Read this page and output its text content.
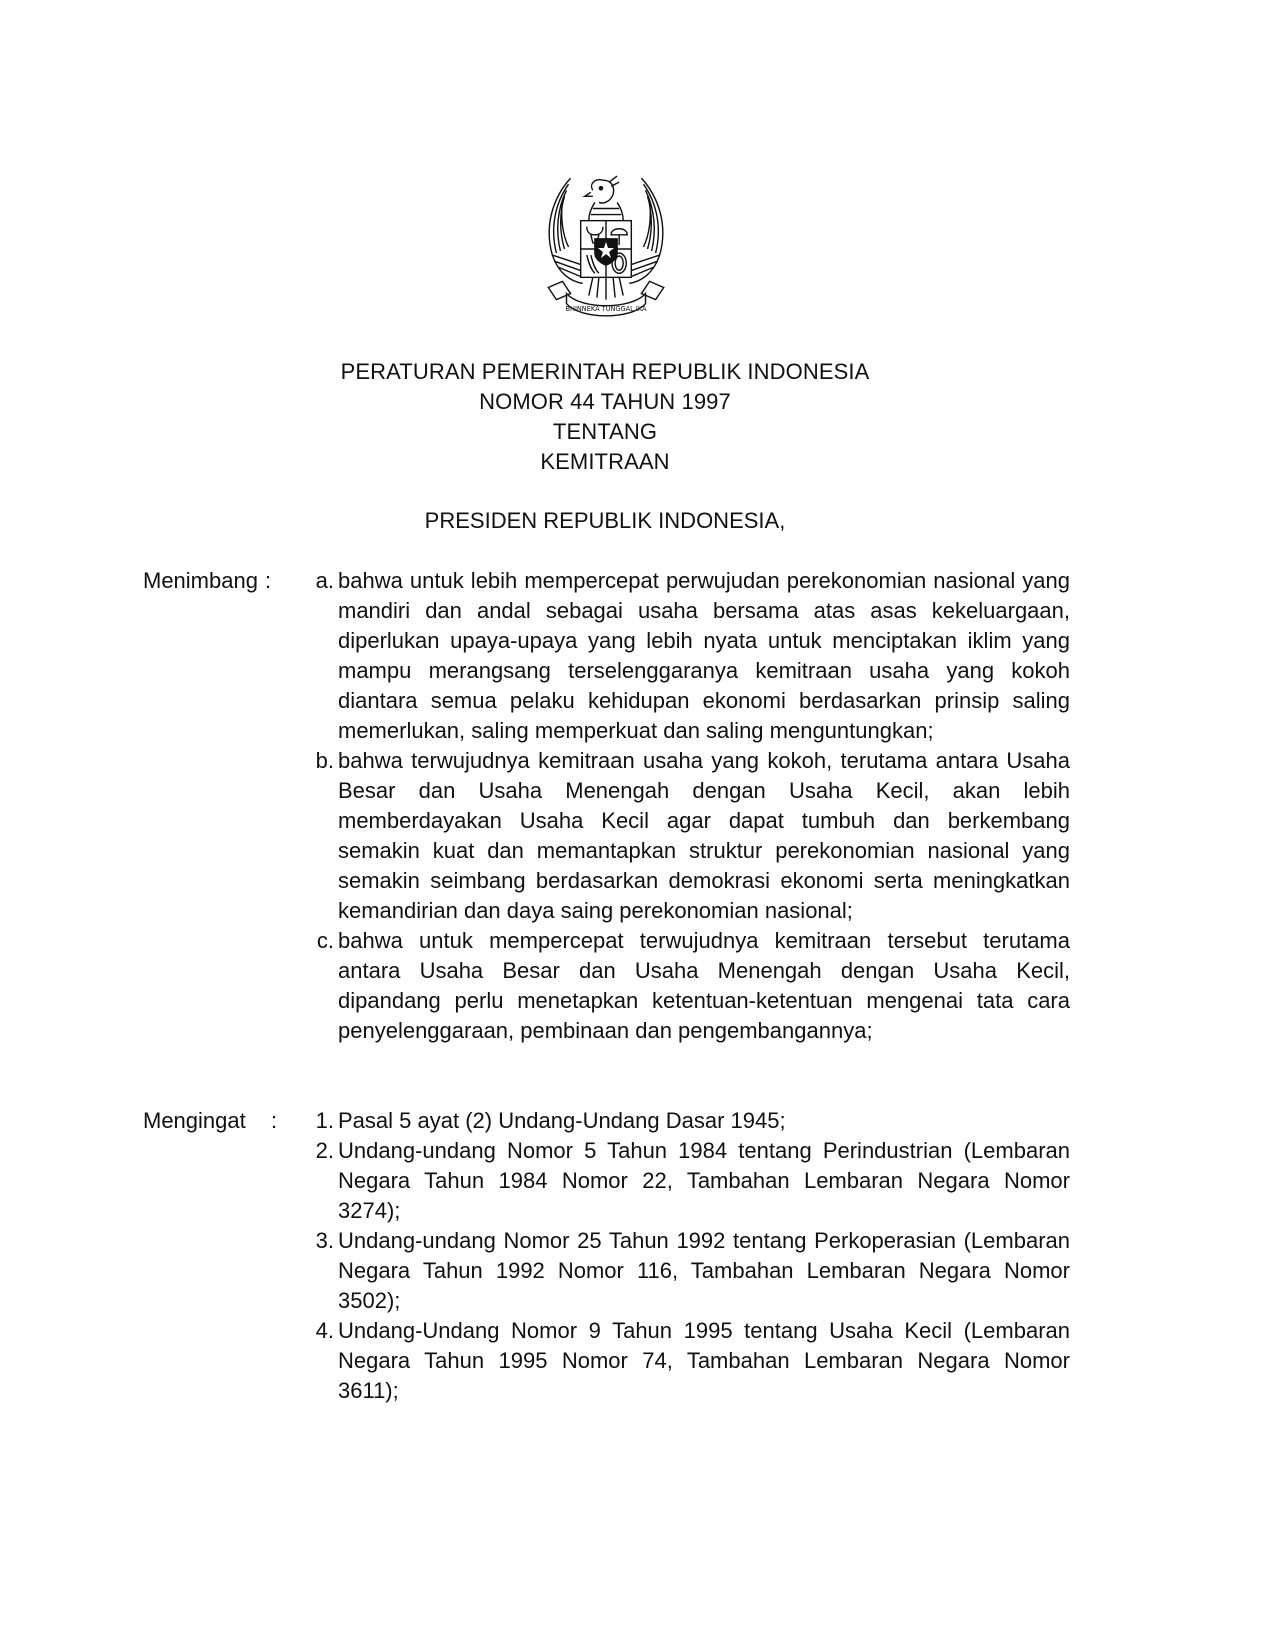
BHINNEKA TUNGGAL IKA
PERATURAN PEMERINTAH REPUBLIK INDONESIA
NOMOR 44 TAHUN 1997
TENTANG
KEMITRAAN
PRESIDEN REPUBLIK INDONESIA,
Menimbang :	a. bahwa untuk lebih mempercepat perwujudan perekonomian nasional yang mandiri dan andal sebagai usaha bersama atas asas kekeluargaan, diperlukan upaya-upaya yang lebih nyata untuk menciptakan iklim yang mampu merangsang terselenggaranya kemitraan usaha yang kokoh diantara semua pelaku kehidupan ekonomi berdasarkan prinsip saling memerlukan, saling memperkuat dan saling menguntungkan;
b. bahwa terwujudnya kemitraan usaha yang kokoh, terutama antara Usaha Besar dan Usaha Menengah dengan Usaha Kecil, akan lebih memberdayakan Usaha Kecil agar dapat tumbuh dan berkembang semakin kuat dan memantapkan struktur perekonomian nasional yang semakin seimbang berdasarkan demokrasi ekonomi serta meningkatkan kemandirian dan daya saing perekonomian nasional;
c. bahwa untuk mempercepat terwujudnya kemitraan tersebut terutama antara Usaha Besar dan Usaha Menengah dengan Usaha Kecil, dipandang perlu menetapkan ketentuan-ketentuan mengenai tata cara penyelenggaraan, pembinaan dan pengembangannya;
Mengingat :	1. Pasal 5 ayat (2) Undang-Undang Dasar 1945;
2. Undang-undang Nomor 5 Tahun 1984 tentang Perindustrian (Lembaran Negara Tahun 1984 Nomor 22, Tambahan Lembaran Negara Nomor 3274);
3. Undang-undang Nomor 25 Tahun 1992 tentang Perkoperasian (Lembaran Negara Tahun 1992 Nomor 116, Tambahan Lembaran Negara Nomor 3502);
4. Undang-Undang Nomor 9 Tahun 1995 tentang Usaha Kecil (Lembaran Negara Tahun 1995 Nomor 74, Tambahan Lembaran Negara Nomor 3611);
